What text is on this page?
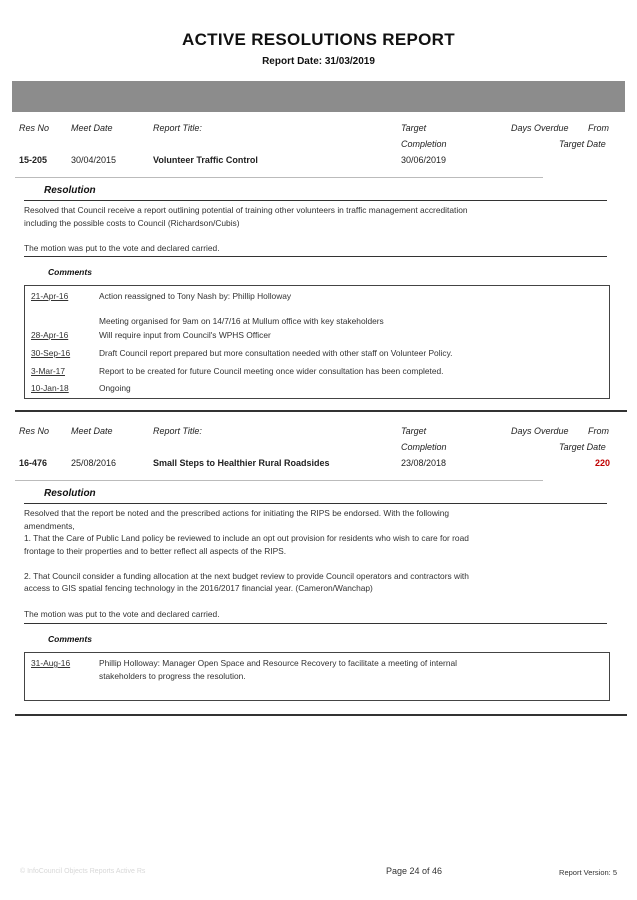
ACTIVE RESOLUTIONS REPORT
Report Date: 31/03/2019
Res No Meet Date	Report Title:	Target
Completion
Days Overdue From
Target Date
15-205	30/04/2015	Volunteer Traffic Control	30/06/2019
Resolution
Resolved that Council receive a report outlining potential of training other volunteers in traffic management accreditation
including the possible costs to Council (Richardson/Cubis)
The motion was put to the vote and declared carried.
Comments
21-Apr-16	Action reassigned to Tony Nash by: Phillip Holloway
Meeting organised for 9am on 14/7/16 at Mullum office with key stakeholders
28-Apr-16	Will require input from Council's WPHS Officer
30-Sep-16	Draft Council report prepared but more consultation needed with other staff on Volunteer Policy.
3-Mar-17	Report to be created for future Council meeting once wider consultation has been completed.
10-Jan-18	Ongoing
Res No Meet Date	Report Title:	Target
Completion
Days Overdue From
Target Date
16-476	25/08/2016	Small Steps to Healthier Rural Roadsides	23/08/2018	220
Resolution
Resolved that the report be noted and the prescribed actions for initiating the RIPS be endorsed. With the following
amendments,
1. That the Care of Public Land policy be reviewed to include an opt out provision for residents who wish to care for road
frontage to their properties and to better reflect all aspects of the RIPS.
2. That Council consider a funding allocation at the next budget review to provide Council operators and contractors with
access to GIS spatial fencing technology in the 2016/2017 financial year. (Cameron/Wanchap)
The motion was put to the vote and declared carried.
Comments
31-Aug-16	Phillip Holloway: Manager Open Space and Resource Recovery to facilitate a meeting of internal
stakeholders to progress the resolution.
© InfoCouncil Objects Reports Active Rs	Page 24 of 46	Report Version: 5
